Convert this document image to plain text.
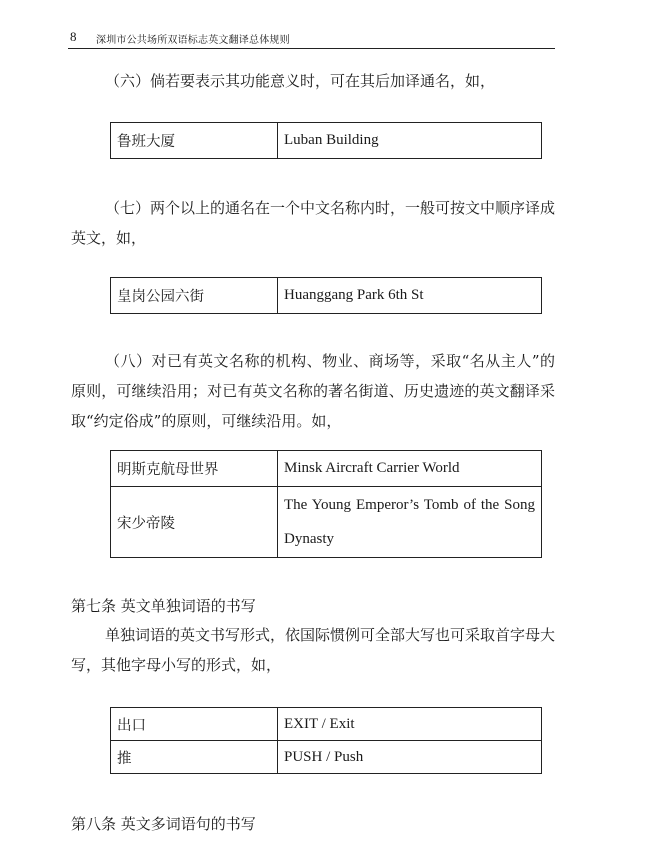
8 深圳市公共场所双语标志英文翻译总体规则

（六）倘若要表示其功能意义时，可在其后加译通名，如，

鲁班大厦	Luban Building

（七）两个以上的通名在一个中文名称内时，一般可按文中顺序译成英文，如，

皇岗公园六街	Huanggang Park 6th St

（八）对已有英文名称的机构、物业、商场等，采取“名从主人”的原则，可继续沿用；对已有英文名称的著名街道、历史遗迹的英文翻译采取“约定俗成”的原则，可继续沿用。如，

明斯克航母世界	Minsk Aircraft Carrier World
宋少帝陵	The Young Emperor’s Tomb of the Song Dynasty

第七条 英文单独词语的书写

单独词语的英文书写形式，依国际惯例可全部大写也可采取首字母大写，其他字母小写的形式，如，

出口	EXIT / Exit
推	PUSH / Push

第八条 英文多词语句的书写
